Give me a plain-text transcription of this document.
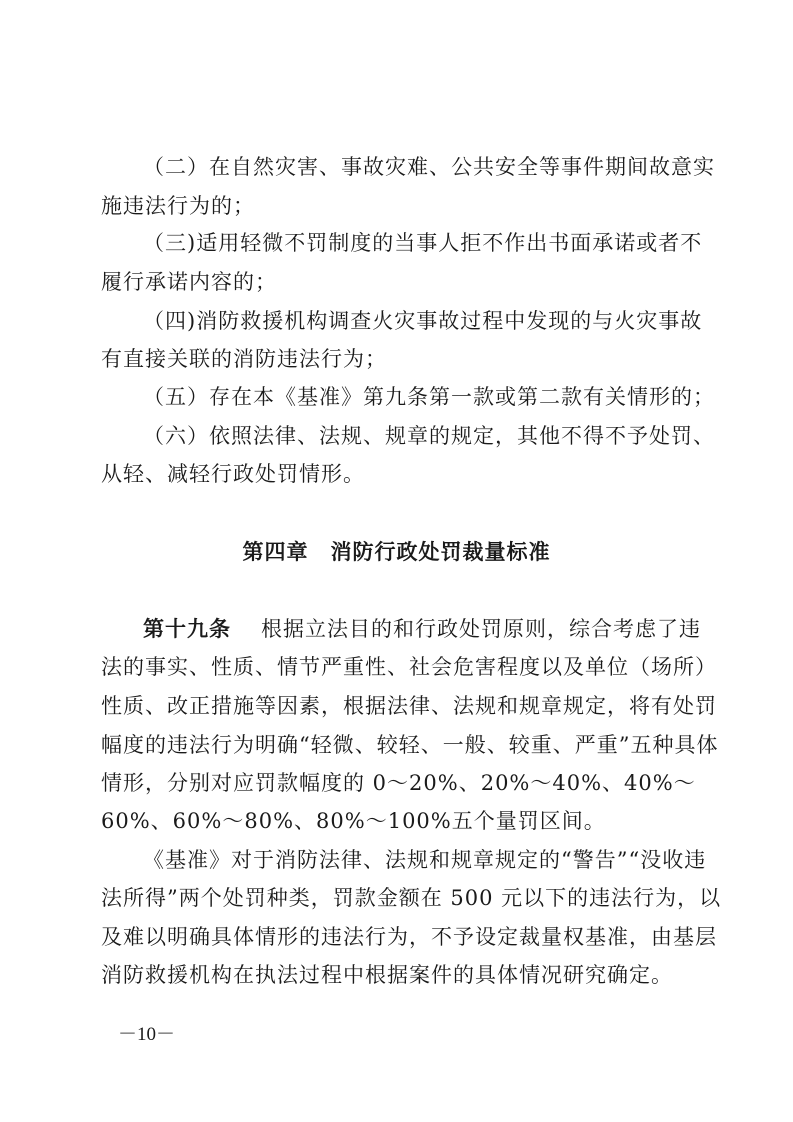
（二）在自然灾害、事故灾难、公共安全等事件期间故意实
施违法行为的；
（三)适用轻微不罚制度的当事人拒不作出书面承诺或者不
履行承诺内容的；
（四)消防救援机构调查火灾事故过程中发现的与火灾事故
有直接关联的消防违法行为；
（五）存在本《基准》第九条第一款或第二款有关情形的；
（六）依照法律、法规、规章的规定，其他不得不予处罚、
从轻、减轻行政处罚情形。
第四章　消防行政处罚裁量标准
第十九条 根据立法目的和行政处罚原则，综合考虑了违
法的事实、性质、情节严重性、社会危害程度以及单位（场所）
性质、改正措施等因素，根据法律、法规和规章规定，将有处罚
幅度的违法行为明确“轻微、较轻、一般、较重、严重”五种具体
情形，分别对应罚款幅度的 0～20%、20%～40%、40%～
60%、60%～80%、80%～100%五个量罚区间。
《基准》对于消防法律、法规和规章规定的“警告”“没收违
法所得”两个处罚种类，罚款金额在 500 元以下的违法行为，以
及难以明确具体情形的违法行为，不予设定裁量权基准，由基层
消防救援机构在执法过程中根据案件的具体情况研究确定。
－10－
